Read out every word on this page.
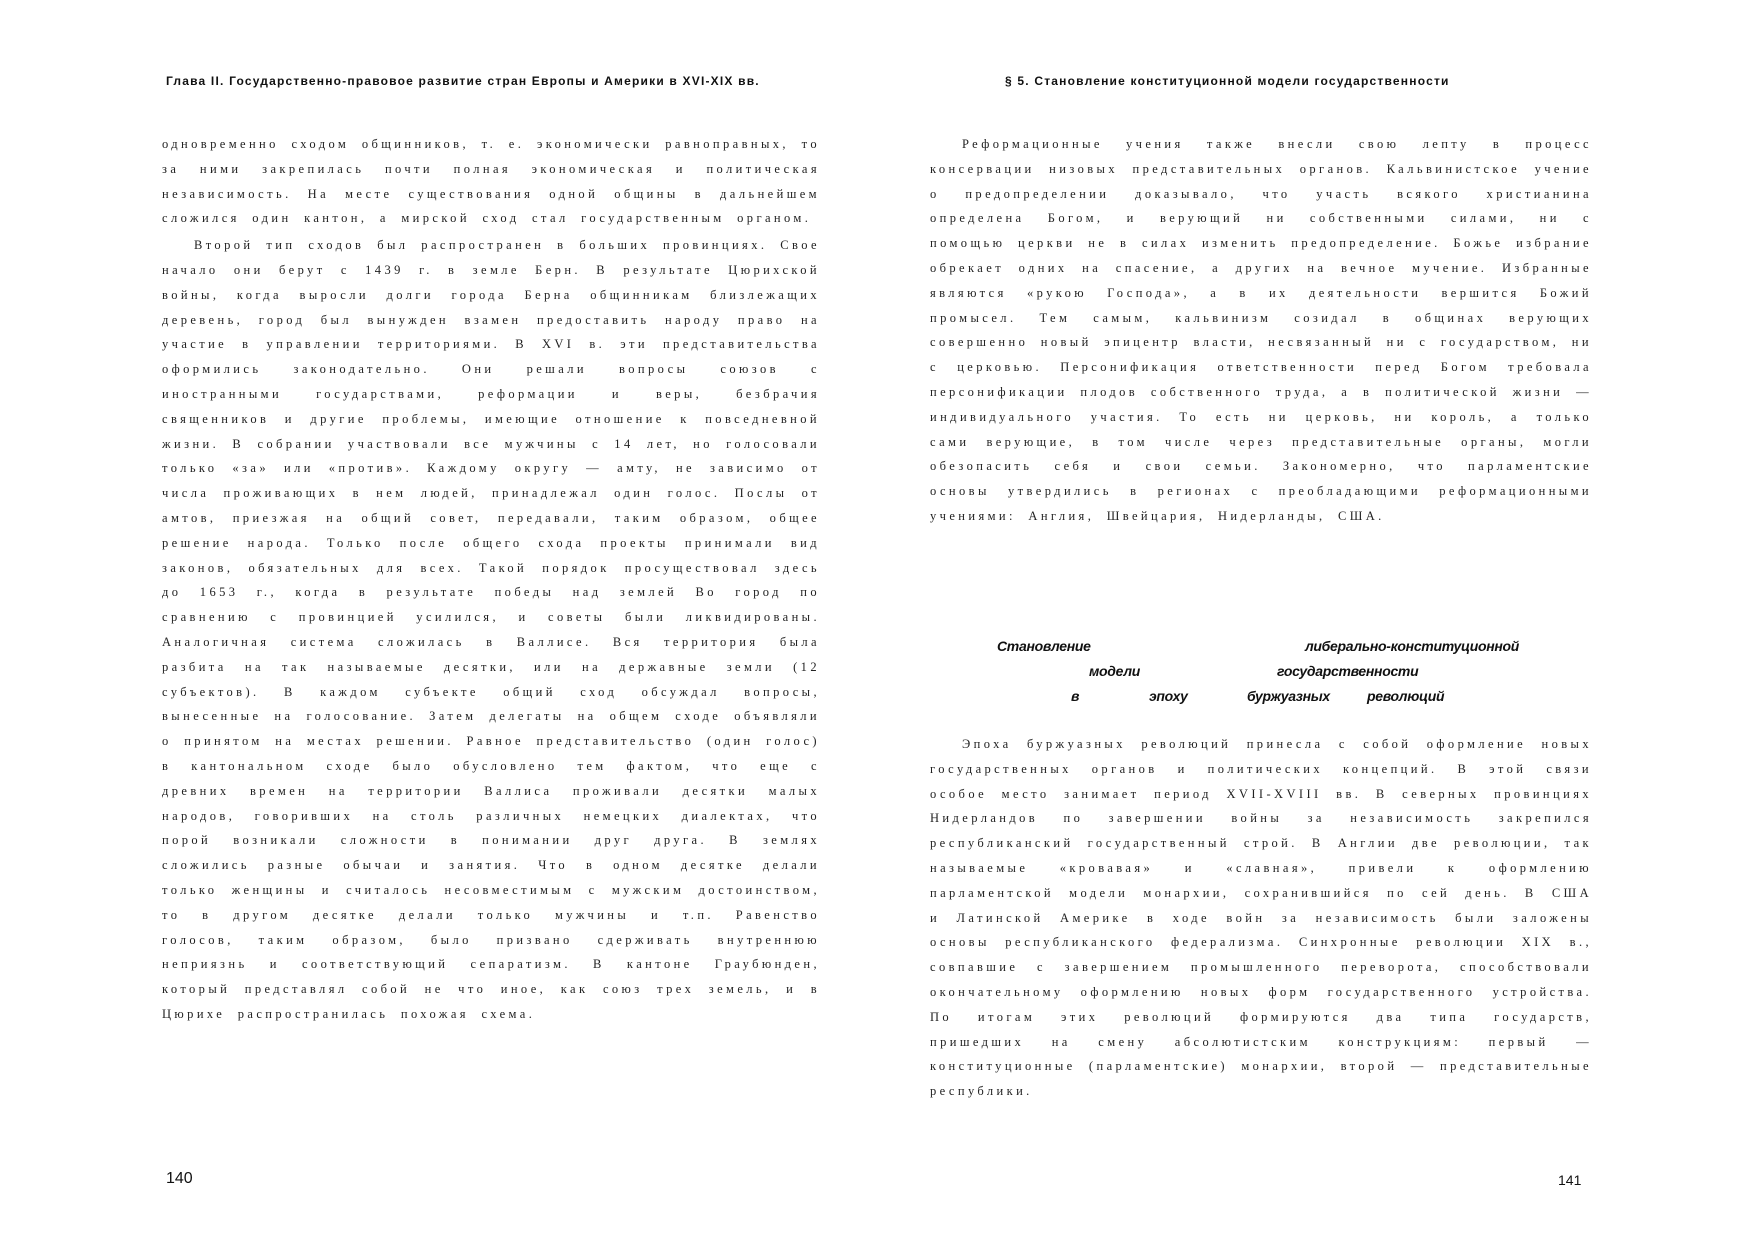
Глава II. Государственно-правовое развитие стран Европы и Америки в XVI-XIX вв.

одновременно сходом общинников, т. е. экономически равноправных, то за ними закрепилась почти полная экономическая и политическая независимость. На месте существования одной общины в дальнейшем сложился один кантон, а мирской сход стал государственным органом.

Второй тип сходов был распространен в больших провинциях. Свое начало они берут с 1439 г. в земле Берн. В результате Цюрихской войны, когда выросли долги города Берна общинникам близлежащих деревень, город был вынужден взамен предоставить народу право на участие в управлении территориями. В XVI в. эти представительства оформились законодательно. Они решали вопросы союзов с иностранными государствами, реформации и веры, безбрачия священников и другие проблемы, имеющие отношение к повседневной жизни. В собрании участвовали все мужчины с 14 лет, но голосовали только «за» или «против». Каждому округу — амту, не зависимо от числа проживающих в нем людей, принадлежал один голос. Послы от амтов, приезжая на общий совет, передавали, таким образом, общее решение народа. Только после общего схода проекты принимали вид законов, обязательных для всех. Такой порядок просуществовал здесь до 1653 г., когда в результате победы над землей Во город по сравнению с провинцией усилился, и советы были ликвидированы. Аналогичная система сложилась в Валлисе. Вся территория была разбита на так называемые десятки, или на державные земли (12 субъектов). В каждом субъекте общий сход обсуждал вопросы, вынесенные на голосование. Затем делегаты на общем сходе объявляли о принятом на местах решении. Равное представительство (один голос) в кантональном сходе было обусловлено тем фактом, что еще с древних времен на территории Валлиса проживали десятки малых народов, говоривших на столь различных немецких диалектах, что порой возникали сложности в понимании друг друга. В землях сложились разные обычаи и занятия. Что в одном десятке делали только женщины и считалось несовместимым с мужским достоинством, то в другом десятке делали только мужчины и т.п. Равенство голосов, таким образом, было призвано сдерживать внутреннюю неприязнь и соответствующий сепаратизм. В кантоне Граубюнден, который представлял собой не что иное, как союз трех земель, и в Цюрихе распространилась похожая схема.

140
§ 5. Становление конституционной модели государственности

Реформационные учения также внесли свою лепту в процесс консервации низовых представительных органов. Кальвинистское учение о предопределении доказывало, что участь всякого христианина определена Богом, и верующий ни собственными силами, ни с помощью церкви не в силах изменить предопределение. Божье избрание обрекает одних на спасение, а других на вечное мучение. Избранные являются «рукою Господа», а в их деятельности вершится Божий промысел. Тем самым, кальвинизм созидал в общинах верующих совершенно новый эпицентр власти, несвязанный ни с государством, ни с церковью. Персонификация ответственности перед Богом требовала персонификации плодов собственного труда, а в политической жизни — индивидуального участия. То есть ни церковь, ни король, а только сами верующие, в том числе через представительные органы, могли обезопасить себя и свои семьи. Закономерно, что парламентские основы утвердились в регионах с преобладающими реформационными учениями: Англия, Швейцария, Нидерланды, США.

Становление	либерально-конституционной
модели	государственности
в	эпоху	буржуазных	революций

Эпоха буржуазных революций принесла с собой оформление новых государственных органов и политических концепций. В этой связи особое место занимает период XVII-XVIII вв. В северных провинциях Нидерландов по завершении войны за независимость закрепился республиканский государственный строй. В Англии две революции, так называемые «кровавая» и «славная», привели к оформлению парламентской модели монархии, сохранившийся по сей день. В США и Латинской Америке в ходе войн за независимость были заложены основы республиканского федерализма. Синхронные революции XIX в., совпавшие с завершением промышленного переворота, способствовали окончательному оформлению новых форм государственного устройства. По итогам этих революций формируются два типа государств, пришедших на смену абсолютистским конструкциям: первый — конституционные (парламентские) монархии, второй — представительные республики.

141
